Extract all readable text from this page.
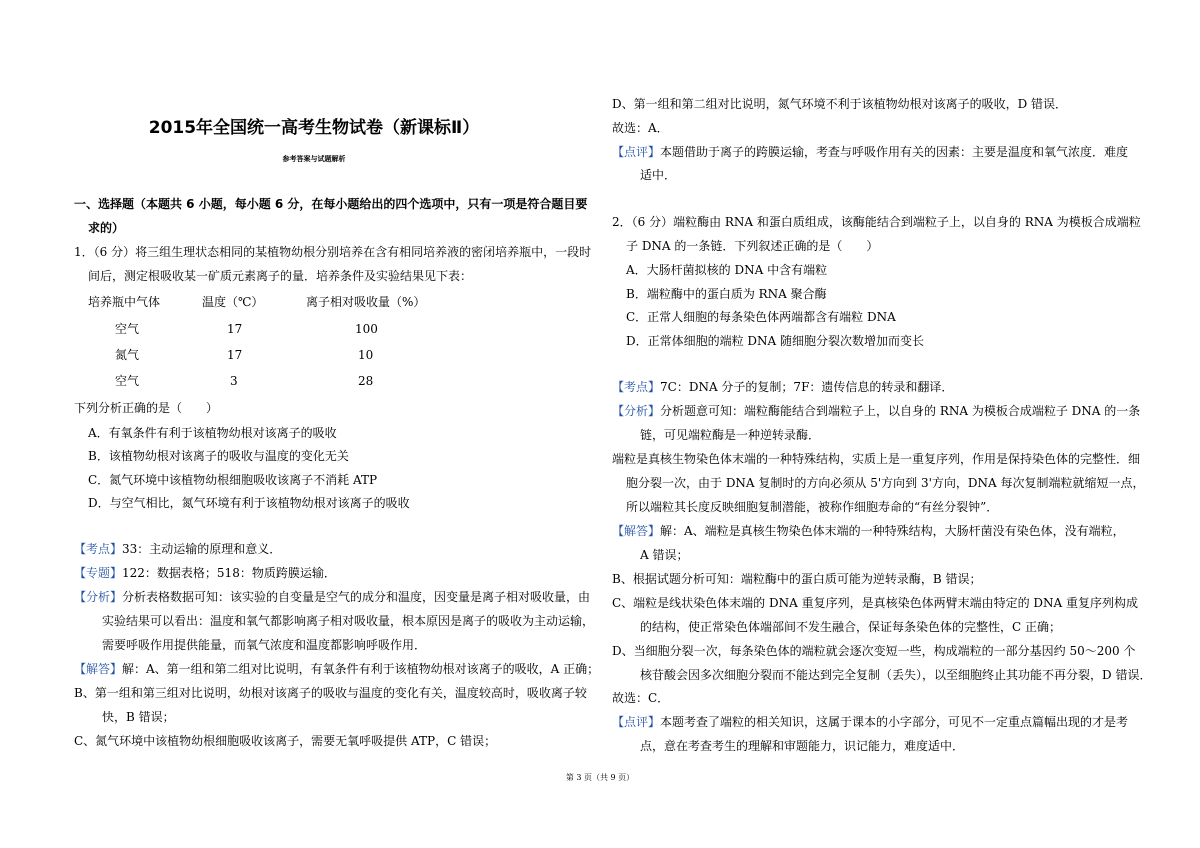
2015年全国统一高考生物试卷（新课标Ⅱ）
参考答案与试题解析
一、选择题（本题共 6 小题，每小题 6 分，在每小题给出的四个选项中，只有一项是符合题目要
求的）
1．（6 分）将三组生理状态相同的某植物幼根分别培养在含有相同培养液的密闭培养瓶中，一段时
间后，测定根吸收某一矿质元素离子的量．培养条件及实验结果见下表：
培养瓶中气体	温度（℃）	离子相对吸收量（%）
空气	17	100
氮气	17	10
空气	3	28
下列分析正确的是（　　）
A．有氧条件有利于该植物幼根对该离子的吸收
B．该植物幼根对该离子的吸收与温度的变化无关
C．氮气环境中该植物幼根细胞吸收该离子不消耗 ATP
D．与空气相比，氮气环境有利于该植物幼根对该离子的吸收
【考点】33：主动运输的原理和意义．
【专题】122：数据表格；518：物质跨膜运输．
【分析】分析表格数据可知：该实验的自变量是空气的成分和温度，因变量是离子相对吸收量，由
实验结果可以看出：温度和氧气都影响离子相对吸收量，根本原因是离子的吸收为主动运输，
需要呼吸作用提供能量，而氧气浓度和温度都影响呼吸作用．
【解答】解：A、第一组和第二组对比说明，有氧条件有利于该植物幼根对该离子的吸收，A 正确；
B、第一组和第三组对比说明，幼根对该离子的吸收与温度的变化有关，温度较高时，吸收离子较
快，B 错误；
C、氮气环境中该植物幼根细胞吸收该离子，需要无氧呼吸提供 ATP，C 错误；
D、第一组和第二组对比说明，氮气环境不利于该植物幼根对该离子的吸收，D 错误．
故选：A．
【点评】本题借助于离子的跨膜运输，考查与呼吸作用有关的因素：主要是温度和氧气浓度．难度
适中．
2．（6 分）端粒酶由 RNA 和蛋白质组成，该酶能结合到端粒子上，以自身的 RNA 为模板合成端粒
子 DNA 的一条链．下列叙述正确的是（　　）
A．大肠杆菌拟核的 DNA 中含有端粒
B．端粒酶中的蛋白质为 RNA 聚合酶
C．正常人细胞的每条染色体两端都含有端粒 DNA
D．正常体细胞的端粒 DNA 随细胞分裂次数增加而变长
【考点】7C：DNA 分子的复制；7F：遗传信息的转录和翻译．
【分析】分析题意可知：端粒酶能结合到端粒子上，以自身的 RNA 为模板合成端粒子 DNA 的一条
链，可见端粒酶是一种逆转录酶．
端粒是真核生物染色体末端的一种特殊结构，实质上是一重复序列，作用是保持染色体的完整性．细
胞分裂一次，由于 DNA 复制时的方向必须从 5'方向到 3'方向，DNA 每次复制端粒就缩短一点，
所以端粒其长度反映细胞复制潜能，被称作细胞寿命的“有丝分裂钟”．
【解答】解：A、端粒是真核生物染色体末端的一种特殊结构，大肠杆菌没有染色体，没有端粒，
A 错误；
B、根据试题分析可知：端粒酶中的蛋白质可能为逆转录酶，B 错误；
C、端粒是线状染色体末端的 DNA 重复序列，是真核染色体两臂末端由特定的 DNA 重复序列构成
的结构，使正常染色体端部间不发生融合，保证每条染色体的完整性，C 正确；
D、当细胞分裂一次，每条染色体的端粒就会逐次变短一些，构成端粒的一部分基因约 50～200 个
核苷酸会因多次细胞分裂而不能达到完全复制（丢失），以至细胞终止其功能不再分裂，D 错误．
故选：C．
【点评】本题考查了端粒的相关知识，这属于课本的小字部分，可见不一定重点篇幅出现的才是考
点，意在考查考生的理解和审题能力，识记能力，难度适中．
第 3 页（共 9 页）
